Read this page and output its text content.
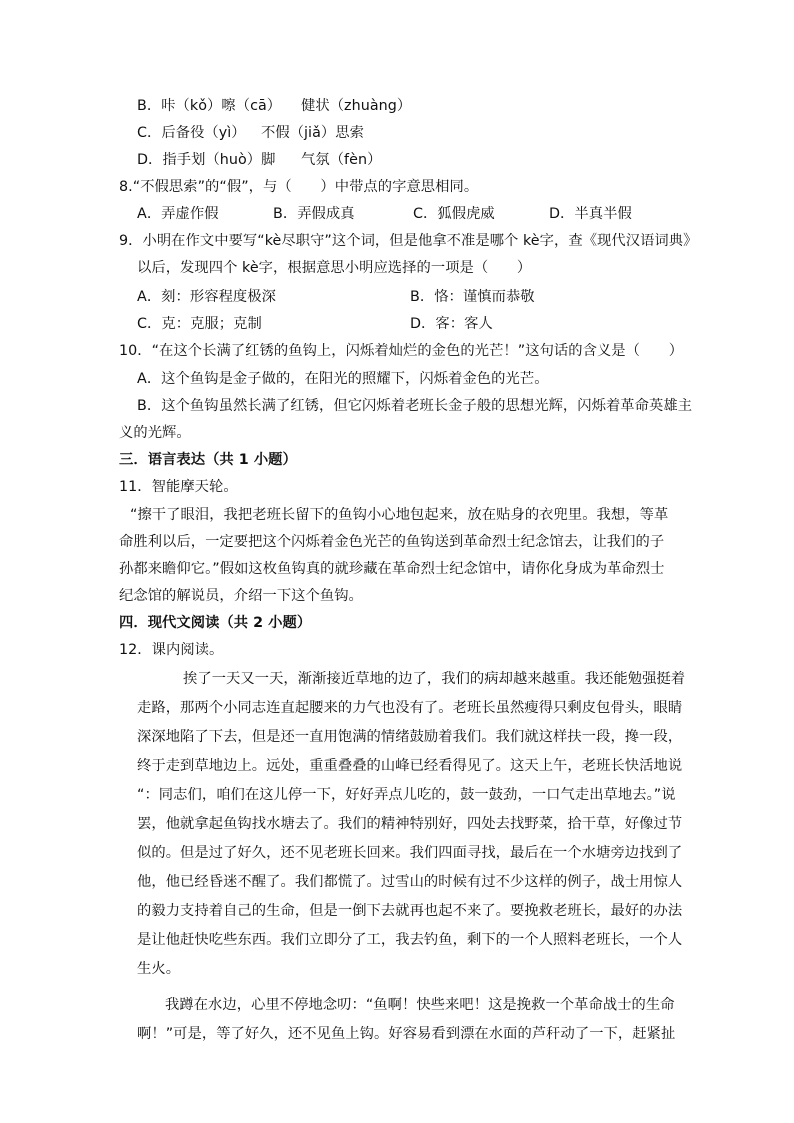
B．咔（kǒ）嚓（cā） 健状（zhuàng）
C．后备役（yì） 不假（jiǎ）思索
D．指手划（huò）脚 气氛（fèn）
8.“不假思索”的“假”，与（　　）中带点的字意思相同。
A．弄虚作假	B．弄假成真	C．狐假虎威	D．半真半假
9．小明在作文中要写“kè尽职守”这个词，但是他拿不准是哪个 kè字，查《现代汉语词典》
以后，发现四个 kè字，根据意思小明应选择的一项是（　　）
A．刻：形容程度极深	B．恪：谨慎而恭敬
C．克：克服；克制	D．客：客人
10．“在这个长满了红锈的鱼钩上，闪烁着灿烂的金色的光芒！”这句话的含义是（　　）
A．这个鱼钩是金子做的，在阳光的照耀下，闪烁着金色的光芒。
B．这个鱼钩虽然长满了红锈，但它闪烁着老班长金子般的思想光辉，闪烁着革命英雄主
义的光辉。
三．语言表达（共 1 小题）
11．智能摩天轮。
“擦干了眼泪，我把老班长留下的鱼钩小心地包起来，放在贴身的衣兜里。我想，等革
命胜利以后，一定要把这个闪烁着金色光芒的鱼钩送到革命烈士纪念馆去，让我们的子
孙都来瞻仰它。”假如这枚鱼钩真的就珍藏在革命烈士纪念馆中，请你化身成为革命烈士
纪念馆的解说员，介绍一下这个鱼钩。
四．现代文阅读（共 2 小题）
12．课内阅读。
挨了一天又一天，渐渐接近草地的边了，我们的病却越来越重。我还能勉强挺着
走路，那两个小同志连直起腰来的力气也没有了。老班长虽然瘦得只剩皮包骨头，眼睛
深深地陷了下去，但是还一直用饱满的情绪鼓励着我们。我们就这样扶一段，搀一段，
终于走到草地边上。远处，重重叠叠的山峰已经看得见了。这天上午，老班长快活地说
“：同志们，咱们在这儿停一下，好好弄点儿吃的，鼓一鼓劲，一口气走出草地去。”说
罢，他就拿起鱼钩找水塘去了。我们的精神特别好，四处去找野菜，拾干草，好像过节
似的。但是过了好久，还不见老班长回来。我们四面寻找，最后在一个水塘旁边找到了
他，他已经昏迷不醒了。我们都慌了。过雪山的时候有过不少这样的例子，战士用惊人
的毅力支持着自己的生命，但是一倒下去就再也起不来了。要挽救老班长，最好的办法
是让他赶快吃些东西。我们立即分了工，我去钓鱼，剩下的一个人照料老班长，一个人
生火。
我蹲在水边，心里不停地念叨：“鱼啊！快些来吧！这是挽救一个革命战士的生命
啊！”可是，等了好久，还不见鱼上钩。好容易看到漂在水面的芦秆动了一下，赶紧扯
